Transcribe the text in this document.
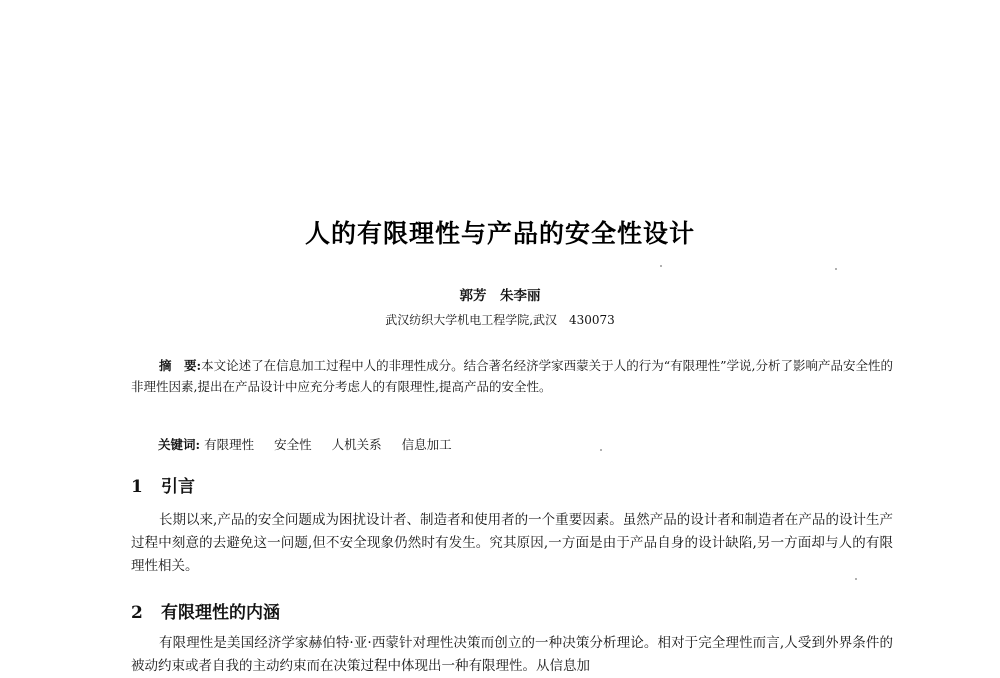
人的有限理性与产品的安全性设计
郭芳　朱李丽
武汉纺织大学机电工程学院,武汉　430073
摘　要:本文论述了在信息加工过程中人的非理性成分。结合著名经济学家西蒙关于人的行为“有限理性”学说,分析了影响产品安全性的非理性因素,提出在产品设计中应充分考虑人的有限理性,提高产品的安全性。
关键词: 有限理性 安全性 人机关系 信息加工
1 引言
长期以来,产品的安全问题成为困扰设计者、制造者和使用者的一个重要因素。虽然产品的设计者和制造者在产品的设计生产过程中刻意的去避免这一问题,但不安全现象仍然时有发生。究其原因,一方面是由于产品自身的设计缺陷,另一方面却与人的有限理性相关。
2 有限理性的内涵
有限理性是美国经济学家赫伯特·亚·西蒙针对理性决策而创立的一种决策分析理论。相对于完全理性而言,人受到外界条件的被动约束或者自我的主动约束而在决策过程中体现出一种有限理性。从信息加
